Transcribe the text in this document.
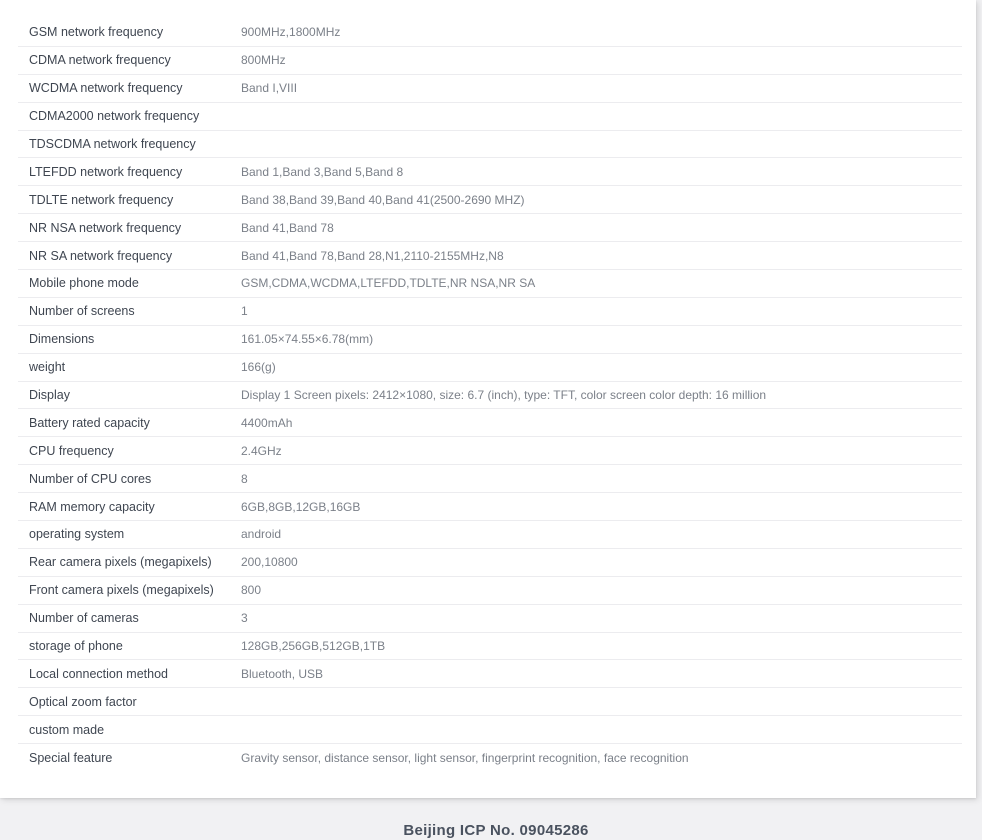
GSM network frequency	900MHz,1800MHz
CDMA network frequency	800MHz
WCDMA network frequency	Band I,VIII
CDMA2000 network frequency
TDSCDMA network frequency
LTEFDD network frequency	Band 1,Band 3,Band 5,Band 8
TDLTE network frequency	Band 38,Band 39,Band 40,Band 41(2500-2690 MHZ)
NR NSA network frequency	Band 41,Band 78
NR SA network frequency	Band 41,Band 78,Band 28,N1,2110-2155MHz,N8
Mobile phone mode	GSM,CDMA,WCDMA,LTEFDD,TDLTE,NR NSA,NR SA
Number of screens	1
Dimensions	161.05×74.55×6.78(mm)
weight	166(g)
Display	Display 1 Screen pixels: 2412×1080, size: 6.7 (inch), type: TFT, color screen color depth: 16 million
Battery rated capacity	4400mAh
CPU frequency	2.4GHz
Number of CPU cores	8
RAM memory capacity	6GB,8GB,12GB,16GB
operating system	android
Rear camera pixels (megapixels)	200,10800
Front camera pixels (megapixels)	800
Number of cameras	3
storage of phone	128GB,256GB,512GB,1TB
Local connection method	Bluetooth, USB
Optical zoom factor
custom made
Special feature	Gravity sensor, distance sensor, light sensor, fingerprint recognition, face recognition
Beijing ICP No. 09045286
